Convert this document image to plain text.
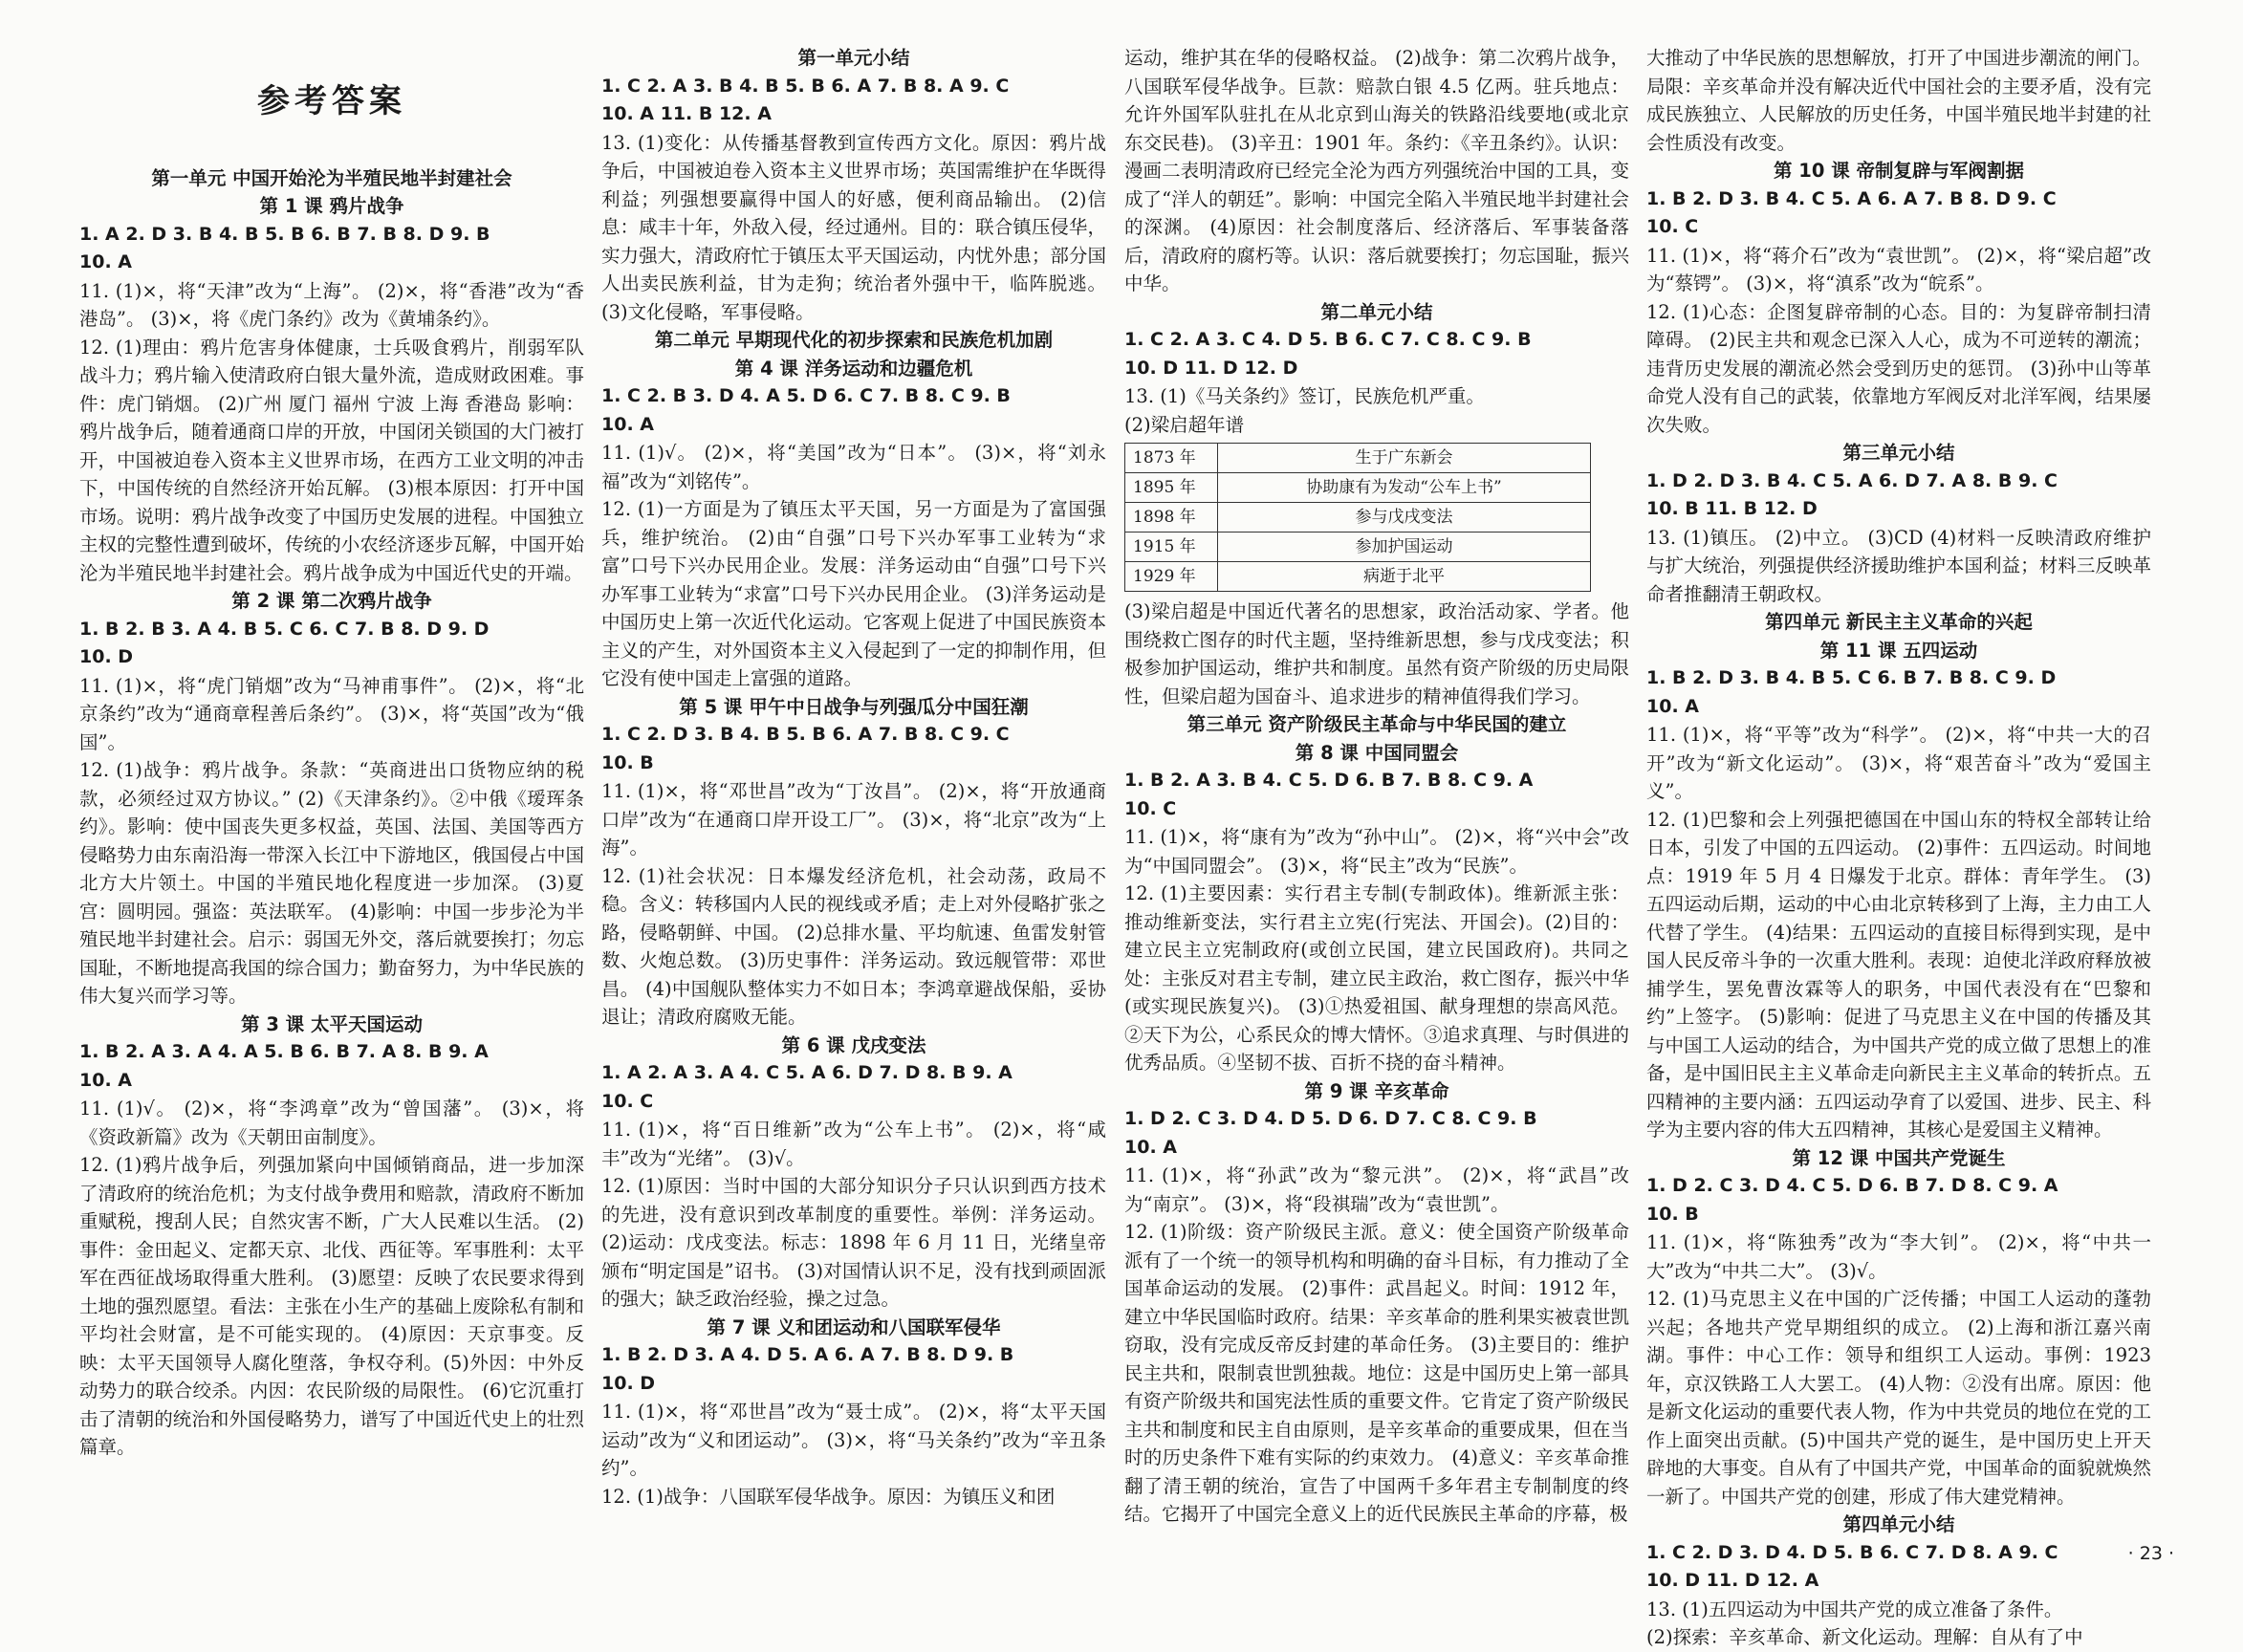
参考答案
第一单元 中国开始沦为半殖民地半封建社会
第 1 课 鸦片战争
1. A 2. D 3. B 4. B 5. B 6. B 7. B 8. D 9. B
10. A
11. (1)×，将“天津”改为“上海”。 (2)×，将“香港”改为“香港岛”。 (3)×，将《虎门条约》改为《黄埔条约》。
12. (1)理由：鸦片危害身体健康，士兵吸食鸦片，削弱军队战斗力；鸦片输入使清政府白银大量外流，造成财政困难。事件：虎门销烟。 (2)广州 厦门 福州 宁波 上海 香港岛 影响：鸦片战争后，随着通商口岸的开放，中国闭关锁国的大门被打开，中国被迫卷入资本主义世界市场，在西方工业文明的冲击下，中国传统的自然经济开始瓦解。 (3)根本原因：打开中国市场。说明：鸦片战争改变了中国历史发展的进程。中国独立主权的完整性遭到破坏，传统的小农经济逐步瓦解，中国开始沦为半殖民地半封建社会。鸦片战争成为中国近代史的开端。
第 2 课 第二次鸦片战争
1. B 2. B 3. A 4. B 5. C 6. C 7. B 8. D 9. D
10. D
11. (1)×，将“虎门销烟”改为“马神甫事件”。 (2)×，将“北京条约”改为“通商章程善后条约”。 (3)×，将“英国”改为“俄国”。
12. (1)战争：鸦片战争。条款：“英商进出口货物应纳的税款，必须经过双方协议。” (2)《天津条约》。②中俄《瑷珲条约》。影响：使中国丧失更多权益，英国、法国、美国等西方侵略势力由东南沿海一带深入长江中下游地区，俄国侵占中国北方大片领土。中国的半殖民地化程度进一步加深。 (3)夏宫：圆明园。强盗：英法联军。 (4)影响：中国一步步沦为半殖民地半封建社会。启示：弱国无外交，落后就要挨打；勿忘国耻，不断地提高我国的综合国力；勤奋努力，为中华民族的伟大复兴而学习等。
第 3 课 太平天国运动
1. B 2. A 3. A 4. A 5. B 6. B 7. A 8. B 9. A
10. A
11. (1)√。 (2)×，将“李鸿章”改为“曾国藩”。 (3)×，将《资政新篇》改为《天朝田亩制度》。
12. (1)鸦片战争后，列强加紧向中国倾销商品，进一步加深了清政府的统治危机；为支付战争费用和赔款，清政府不断加重赋税，搜刮人民；自然灾害不断，广大人民难以生活。 (2)事件：金田起义、定都天京、北伐、西征等。军事胜利：太平军在西征战场取得重大胜利。 (3)愿望：反映了农民要求得到土地的强烈愿望。看法：主张在小生产的基础上废除私有制和平均社会财富，是不可能实现的。 (4)原因：天京事变。反映：太平天国领导人腐化堕落，争权夺利。(5)外因：中外反动势力的联合绞杀。内因：农民阶级的局限性。 (6)它沉重打击了清朝的统治和外国侵略势力，谱写了中国近代史上的壮烈篇章。
第一单元小结
1. C 2. A 3. B 4. B 5. B 6. A 7. B 8. A 9. C
10. A 11. B 12. A
13. (1)变化：从传播基督教到宣传西方文化。原因：鸦片战争后，中国被迫卷入资本主义世界市场；英国需维护在华既得利益；列强想要赢得中国人的好感，便利商品输出。 (2)信息：咸丰十年，外敌入侵，经过通州。目的：联合镇压侵华，实力强大，清政府忙于镇压太平天国运动，内忧外患；部分国人出卖民族利益，甘为走狗；统治者外强中干，临阵脱逃。 (3)文化侵略，军事侵略。
第二单元 早期现代化的初步探索和民族危机加剧
第 4 课 洋务运动和边疆危机
1. C 2. B 3. D 4. A 5. D 6. C 7. B 8. C 9. B
10. A
11. (1)√。 (2)×，将“美国”改为“日本”。 (3)×，将“刘永福”改为“刘铭传”。
12. (1)一方面是为了镇压太平天国，另一方面是为了富国强兵，维护统治。 (2)由“自强”口号下兴办军事工业转为“求富”口号下兴办民用企业。发展：洋务运动由“自强”口号下兴办军事工业转为“求富”口号下兴办民用企业。 (3)洋务运动是中国历史上第一次近代化运动。它客观上促进了中国民族资本主义的产生，对外国资本主义入侵起到了一定的抑制作用，但它没有使中国走上富强的道路。
第 5 课 甲午中日战争与列强瓜分中国狂潮
1. C 2. D 3. B 4. B 5. B 6. A 7. B 8. C 9. C
10. B
11. (1)×，将“邓世昌”改为“丁汝昌”。 (2)×，将“开放通商口岸”改为“在通商口岸开设工厂”。 (3)×，将“北京”改为“上海”。
12. (1)社会状况：日本爆发经济危机，社会动荡，政局不稳。含义：转移国内人民的视线或矛盾；走上对外侵略扩张之路，侵略朝鲜、中国。 (2)总排水量、平均航速、鱼雷发射管数、火炮总数。 (3)历史事件：洋务运动。致远舰管带：邓世昌。 (4)中国舰队整体实力不如日本；李鸿章避战保船，妥协退让；清政府腐败无能。
第 6 课 戊戌变法
1. A 2. A 3. A 4. C 5. A 6. D 7. D 8. B 9. A
10. C
11. (1)×，将“百日维新”改为“公车上书”。 (2)×，将“咸丰”改为“光绪”。 (3)√。
12. (1)原因：当时中国的大部分知识分子只认识到西方技术的先进，没有意识到改革制度的重要性。举例：洋务运动。 (2)运动：戊戌变法。标志：1898 年 6 月 11 日，光绪皇帝颁布“明定国是”诏书。 (3)对国情认识不足，没有找到顽固派的强大；缺乏政治经验，操之过急。
第 7 课 义和团运动和八国联军侵华
1. B 2. D 3. A 4. D 5. A 6. A 7. B 8. D 9. B
10. D
11. (1)×，将“邓世昌”改为“聂士成”。 (2)×，将“太平天国运动”改为“义和团运动”。 (3)×，将“马关条约”改为“辛丑条约”。
12. (1)战争：八国联军侵华战争。原因：为镇压义和团
运动，维护其在华的侵略权益。 (2)战争：第二次鸦片战争，八国联军侵华战争。巨款：赔款白银 4.5 亿两。驻兵地点：允许外国军队驻扎在从北京到山海关的铁路沿线要地(或北京东交民巷)。 (3)辛丑：1901 年。条约：《辛丑条约》。认识：漫画二表明清政府已经完全沦为西方列强统治中国的工具，变成了“洋人的朝廷”。影响：中国完全陷入半殖民地半封建社会的深渊。 (4)原因：社会制度落后、经济落后、军事装备落后，清政府的腐朽等。认识：落后就要挨打；勿忘国耻，振兴中华。
第二单元小结
1. C 2. A 3. C 4. D 5. B 6. C 7. C 8. C 9. B
10. D 11. D 12. D
13. (1)《马关条约》签订，民族危机严重。
(2)梁启超年谱
1873 年	生于广东新会
1895 年	协助康有为发动“公车上书”
1898 年	参与戊戌变法
1915 年	参加护国运动
1929 年	病逝于北平
(3)梁启超是中国近代著名的思想家，政治活动家、学者。他围绕救亡图存的时代主题，坚持维新思想，参与戊戌变法；积极参加护国运动，维护共和制度。虽然有资产阶级的历史局限性，但梁启超为国奋斗、追求进步的精神值得我们学习。
第三单元 资产阶级民主革命与中华民国的建立
第 8 课 中国同盟会
1. B 2. A 3. B 4. C 5. D 6. B 7. B 8. C 9. A
10. C
11. (1)×，将“康有为”改为“孙中山”。 (2)×，将“兴中会”改为“中国同盟会”。 (3)×，将“民主”改为“民族”。
12. (1)主要因素：实行君主专制(专制政体)。维新派主张：推动维新变法，实行君主立宪(行宪法、开国会)。(2)目的：建立民主立宪制政府(或创立民国，建立民国政府)。共同之处：主张反对君主专制，建立民主政治，救亡图存，振兴中华(或实现民族复兴)。 (3)①热爱祖国、献身理想的崇高风范。②天下为公，心系民众的博大情怀。③追求真理、与时俱进的优秀品质。④坚韧不拔、百折不挠的奋斗精神。
第 9 课 辛亥革命
1. D 2. C 3. D 4. D 5. D 6. D 7. C 8. C 9. B
10. A
11. (1)×，将“孙武”改为“黎元洪”。 (2)×，将“武昌”改为“南京”。 (3)×，将“段祺瑞”改为“袁世凯”。
12. (1)阶级：资产阶级民主派。意义：使全国资产阶级革命派有了一个统一的领导机构和明确的奋斗目标，有力推动了全国革命运动的发展。 (2)事件：武昌起义。时间：1912 年，建立中华民国临时政府。结果：辛亥革命的胜利果实被袁世凯窃取，没有完成反帝反封建的革命任务。 (3)主要目的：维护民主共和，限制袁世凯独裁。地位：这是中国历史上第一部具有资产阶级共和国宪法性质的重要文件。它肯定了资产阶级民主共和制度和民主自由原则，是辛亥革命的重要成果，但在当时的历史条件下难有实际的约束效力。 (4)意义：辛亥革命推翻了清王朝的统治，宣告了中国两千多年君主专制制度的终结。它揭开了中国完全意义上的近代民族民主革命的序幕，极
大推动了中华民族的思想解放，打开了中国进步潮流的闸门。局限：辛亥革命并没有解决近代中国社会的主要矛盾，没有完成民族独立、人民解放的历史任务，中国半殖民地半封建的社会性质没有改变。
第 10 课 帝制复辟与军阀割据
1. B 2. D 3. B 4. C 5. A 6. A 7. B 8. D 9. C
10. C
11. (1)×，将“蒋介石”改为“袁世凯”。 (2)×，将“梁启超”改为“蔡锷”。 (3)×，将“滇系”改为“皖系”。
12. (1)心态：企图复辟帝制的心态。目的：为复辟帝制扫清障碍。 (2)民主共和观念已深入人心，成为不可逆转的潮流；违背历史发展的潮流必然会受到历史的惩罚。 (3)孙中山等革命党人没有自己的武装，依靠地方军阀反对北洋军阀，结果屡次失败。
第三单元小结
1. D 2. D 3. B 4. C 5. A 6. D 7. A 8. B 9. C
10. B 11. B 12. D
13. (1)镇压。 (2)中立。 (3)CD (4)材料一反映清政府维护与扩大统治，列强提供经济援助维护本国利益；材料三反映革命者推翻清王朝政权。
第四单元 新民主主义革命的兴起
第 11 课 五四运动
1. B 2. D 3. B 4. B 5. C 6. B 7. B 8. C 9. D
10. A
11. (1)×，将“平等”改为“科学”。 (2)×，将“中共一大的召开”改为“新文化运动”。 (3)×，将“艰苦奋斗”改为“爱国主义”。
12. (1)巴黎和会上列强把德国在中国山东的特权全部转让给日本，引发了中国的五四运动。 (2)事件：五四运动。时间地点：1919 年 5 月 4 日爆发于北京。群体：青年学生。 (3)五四运动后期，运动的中心由北京转移到了上海，主力由工人代替了学生。 (4)结果：五四运动的直接目标得到实现，是中国人民反帝斗争的一次重大胜利。表现：迫使北洋政府释放被捕学生，罢免曹汝霖等人的职务，中国代表没有在“巴黎和约”上签字。 (5)影响：促进了马克思主义在中国的传播及其与中国工人运动的结合，为中国共产党的成立做了思想上的准备，是中国旧民主主义革命走向新民主主义革命的转折点。五四精神的主要内涵：五四运动孕育了以爱国、进步、民主、科学为主要内容的伟大五四精神，其核心是爱国主义精神。
第 12 课 中国共产党诞生
1. D 2. C 3. D 4. C 5. D 6. B 7. D 8. C 9. A
10. B
11. (1)×，将“陈独秀”改为“李大钊”。 (2)×，将“中共一大”改为“中共二大”。 (3)√。
12. (1)马克思主义在中国的广泛传播；中国工人运动的蓬勃兴起；各地共产党早期组织的成立。 (2)上海和浙江嘉兴南湖。事件：中心工作：领导和组织工人运动。事例：1923 年，京汉铁路工人大罢工。 (4)人物：②没有出席。原因：他是新文化运动的重要代表人物，作为中共党员的地位在党的工作上面突出贡献。(5)中国共产党的诞生，是中国历史上开天辟地的大事变。自从有了中国共产党，中国革命的面貌就焕然一新了。中国共产党的创建，形成了伟大建党精神。
第四单元小结
1. C 2. D 3. D 4. D 5. B 6. C 7. D 8. A 9. C
10. D 11. D 12. A
13. (1)五四运动为中国共产党的成立准备了条件。
(2)探索：辛亥革命、新文化运动。理解：自从有了中
· 23 ·
